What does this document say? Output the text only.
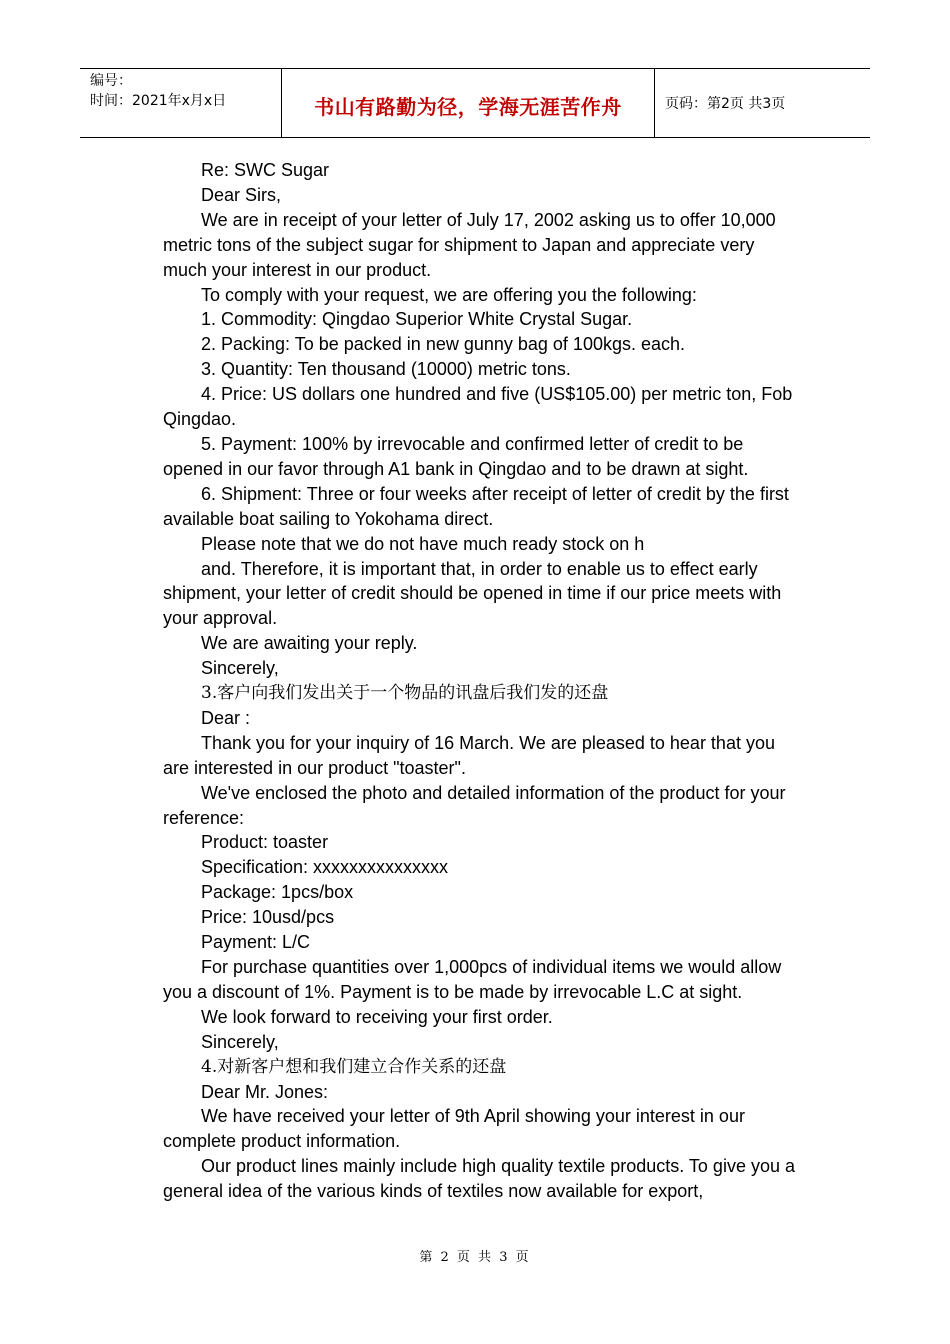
编号：
时间：2021年x月x日	书山有路勤为径，学海无涯苦作舟	页码：第2页 共3页

Re: SWC Sugar

Dear Sirs,

We are in receipt of your letter of July 17, 2002 asking us to offer 10,000 metric tons of the subject sugar for shipment to Japan and appreciate very much your interest in our product.

To comply with your request, we are offering you the following:

1. Commodity: Qingdao Superior White Crystal Sugar.

2. Packing: To be packed in new gunny bag of 100kgs. each.

3. Quantity: Ten thousand (10000) metric tons.

4. Price: US dollars one hundred and five (US$105.00) per metric ton, Fob Qingdao.

5. Payment: 100% by irrevocable and confirmed letter of credit to be opened in our favor through A1 bank in Qingdao and to be drawn at sight.

6. Shipment: Three or four weeks after receipt of letter of credit by the first available boat sailing to Yokohama direct.

Please note that we do not have much ready stock on h

and. Therefore, it is important that, in order to enable us to effect early shipment, your letter of credit should be opened in time if our price meets with your approval.

We are awaiting your reply.

Sincerely,

3.客户向我们发出关于一个物品的讯盘后我们发的还盘

Dear :

Thank you for your inquiry of 16 March. We are pleased to hear that you are interested in our product "toaster".

We've enclosed the photo and detailed information of the product for your reference:

Product: toaster

Specification: xxxxxxxxxxxxxxx

Package: 1pcs/box

Price: 10usd/pcs

Payment: L/C

For purchase quantities over 1,000pcs of individual items we would allow you a discount of 1%. Payment is to be made by irrevocable L.C at sight.

We look forward to receiving your first order.

Sincerely,

4.对新客户想和我们建立合作关系的还盘

Dear Mr. Jones:

We have received your letter of 9th April showing your interest in our complete product information.

Our product lines mainly include high quality textile products. To give you a general idea of the various kinds of textiles now available for export,

第 2 页 共 3 页
